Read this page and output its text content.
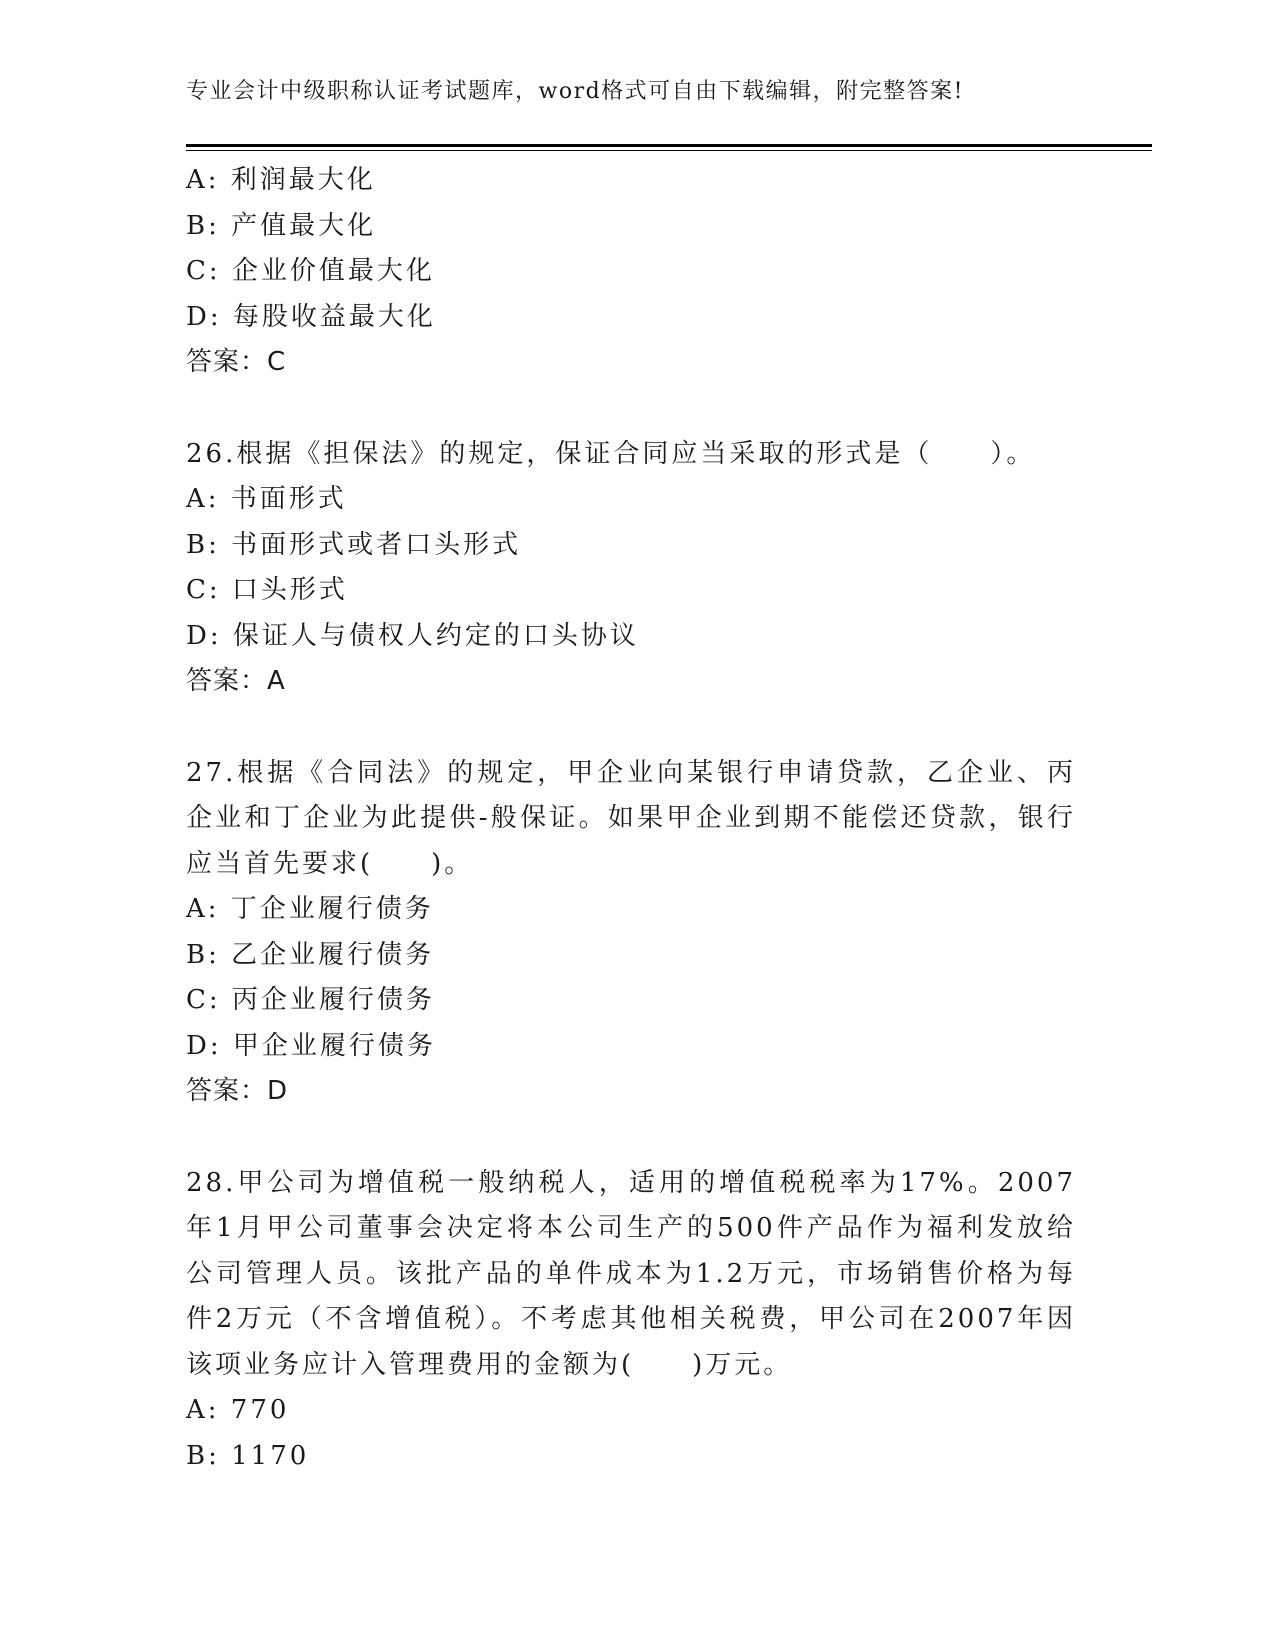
专业会计中级职称认证考试题库，word格式可自由下载编辑，附完整答案!
A: 利润最大化
B: 产值最大化
C: 企业价值最大化
D: 每股收益最大化
答案：C
26.根据《担保法》的规定，保证合同应当采取的形式是（　　）。
A: 书面形式
B: 书面形式或者口头形式
C: 口头形式
D: 保证人与债权人约定的口头协议
答案：A
27.根据《合同法》的规定，甲企业向某银行申请贷款，乙企业、丙企业和丁企业为此提供-般保证。如果甲企业到期不能偿还贷款，银行应当首先要求(　　)。
A: 丁企业履行债务
B: 乙企业履行债务
C: 丙企业履行债务
D: 甲企业履行债务
答案：D
28.甲公司为增值税一般纳税人，适用的增值税税率为17%。2007年1月甲公司董事会决定将本公司生产的500件产品作为福利发放给公司管理人员。该批产品的单件成本为1.2万元，市场销售价格为每件2万元（不含增值税）。不考虑其他相关税费，甲公司在2007年因该项业务应计入管理费用的金额为(　　)万元。
A: 770
B: 1170
